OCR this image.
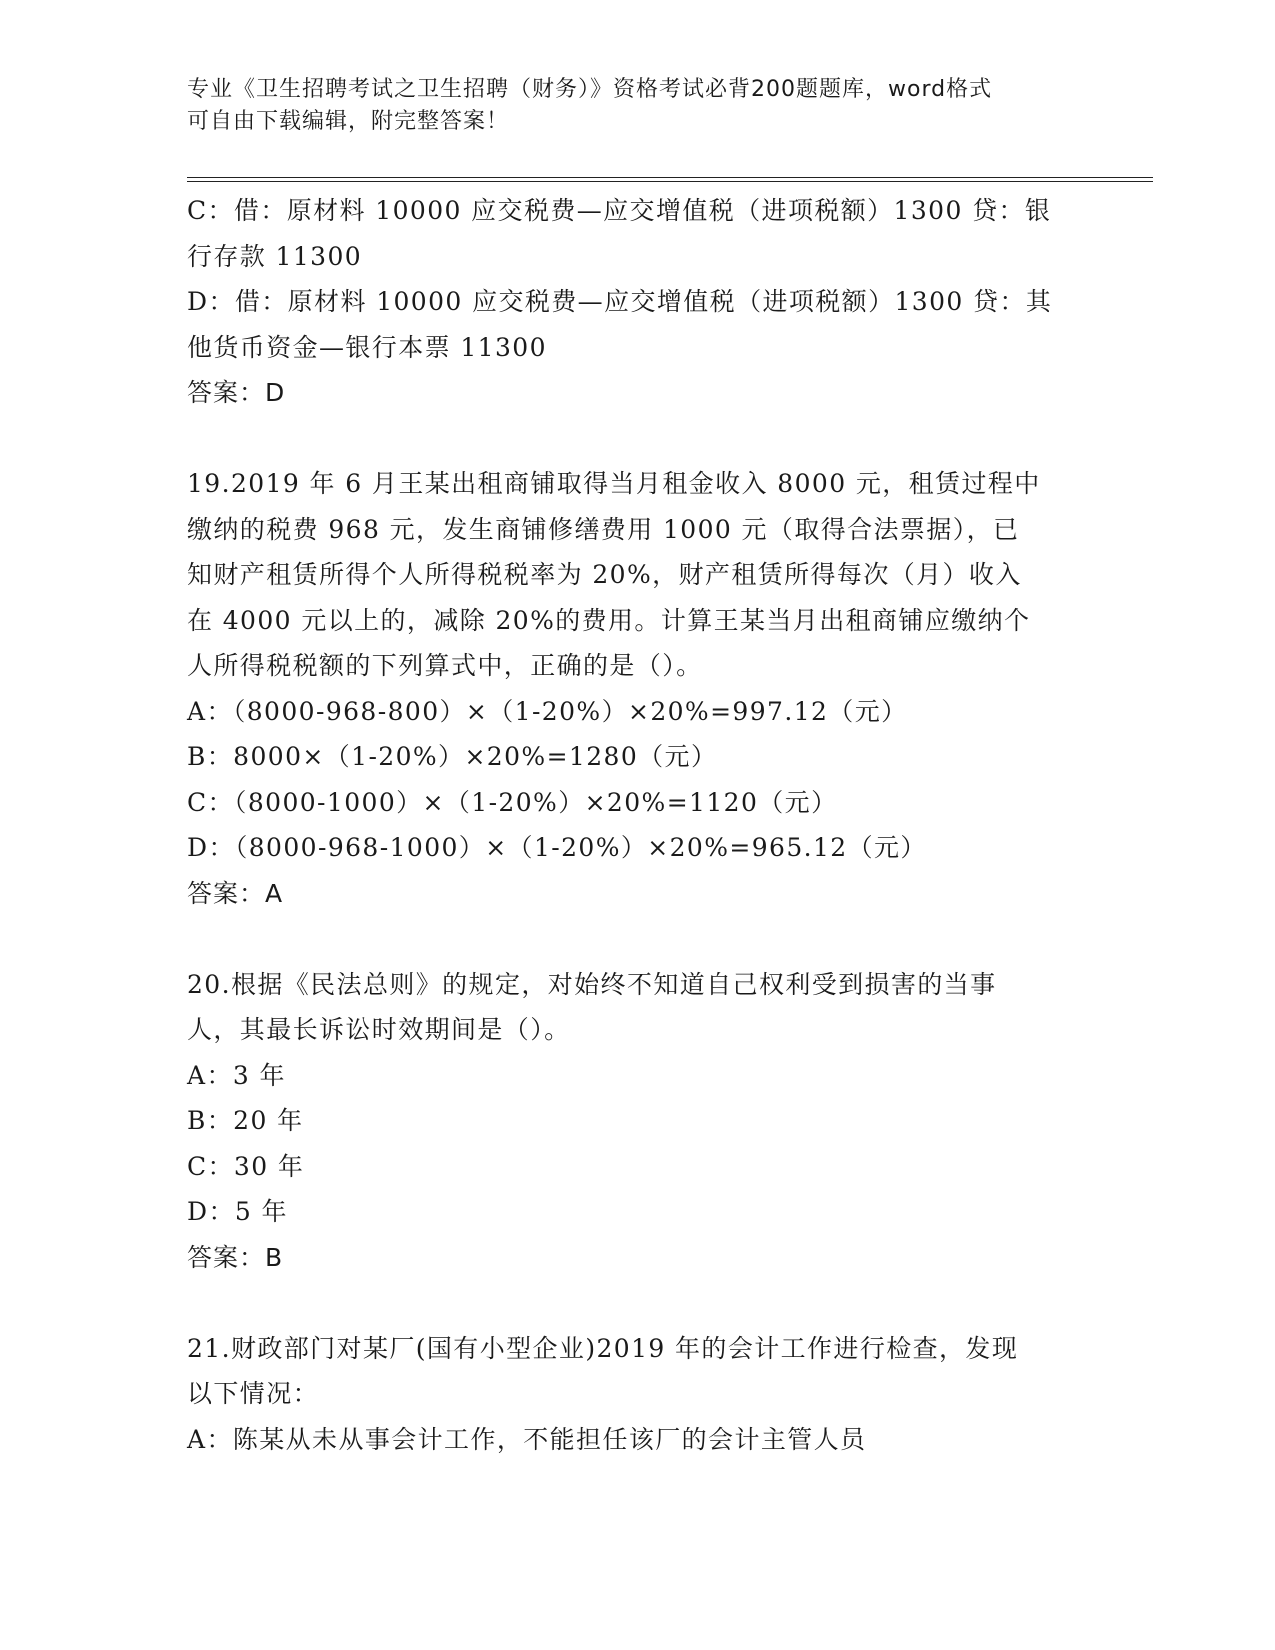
专业《卫生招聘考试之卫生招聘（财务）》资格考试必背200题题库，word格式

可自由下载编辑，附完整答案！

C：借：原材料 10000 应交税费—应交增值税（进项税额）1300 贷：银
行存款 11300
D：借：原材料 10000 应交税费—应交增值税（进项税额）1300 贷：其
他货币资金—银行本票 11300
答案：D
19.2019 年 6 月王某出租商铺取得当月租金收入 8000 元，租赁过程中
缴纳的税费 968 元，发生商铺修缮费用 1000 元（取得合法票据），已
知财产租赁所得个人所得税税率为 20%，财产租赁所得每次（月）收入
在 4000 元以上的，减除 20%的费用。计算王某当月出租商铺应缴纳个
人所得税税额的下列算式中，正确的是（）。
A：（8000-968-800）×（1-20%）×20%=997.12（元）
B：8000×（1-20%）×20%=1280（元）
C：（8000-1000）×（1-20%）×20%=1120（元）
D：（8000-968-1000）×（1-20%）×20%=965.12（元）
答案：A
20.根据《民法总则》的规定，对始终不知道自己权利受到损害的当事
人，其最长诉讼时效期间是（）。
A：3 年
B：20 年
C：30 年
D：5 年
答案：B
21.财政部门对某厂(国有小型企业)2019 年的会计工作进行检查，发现
以下情况：
A：陈某从未从事会计工作，不能担任该厂的会计主管人员
